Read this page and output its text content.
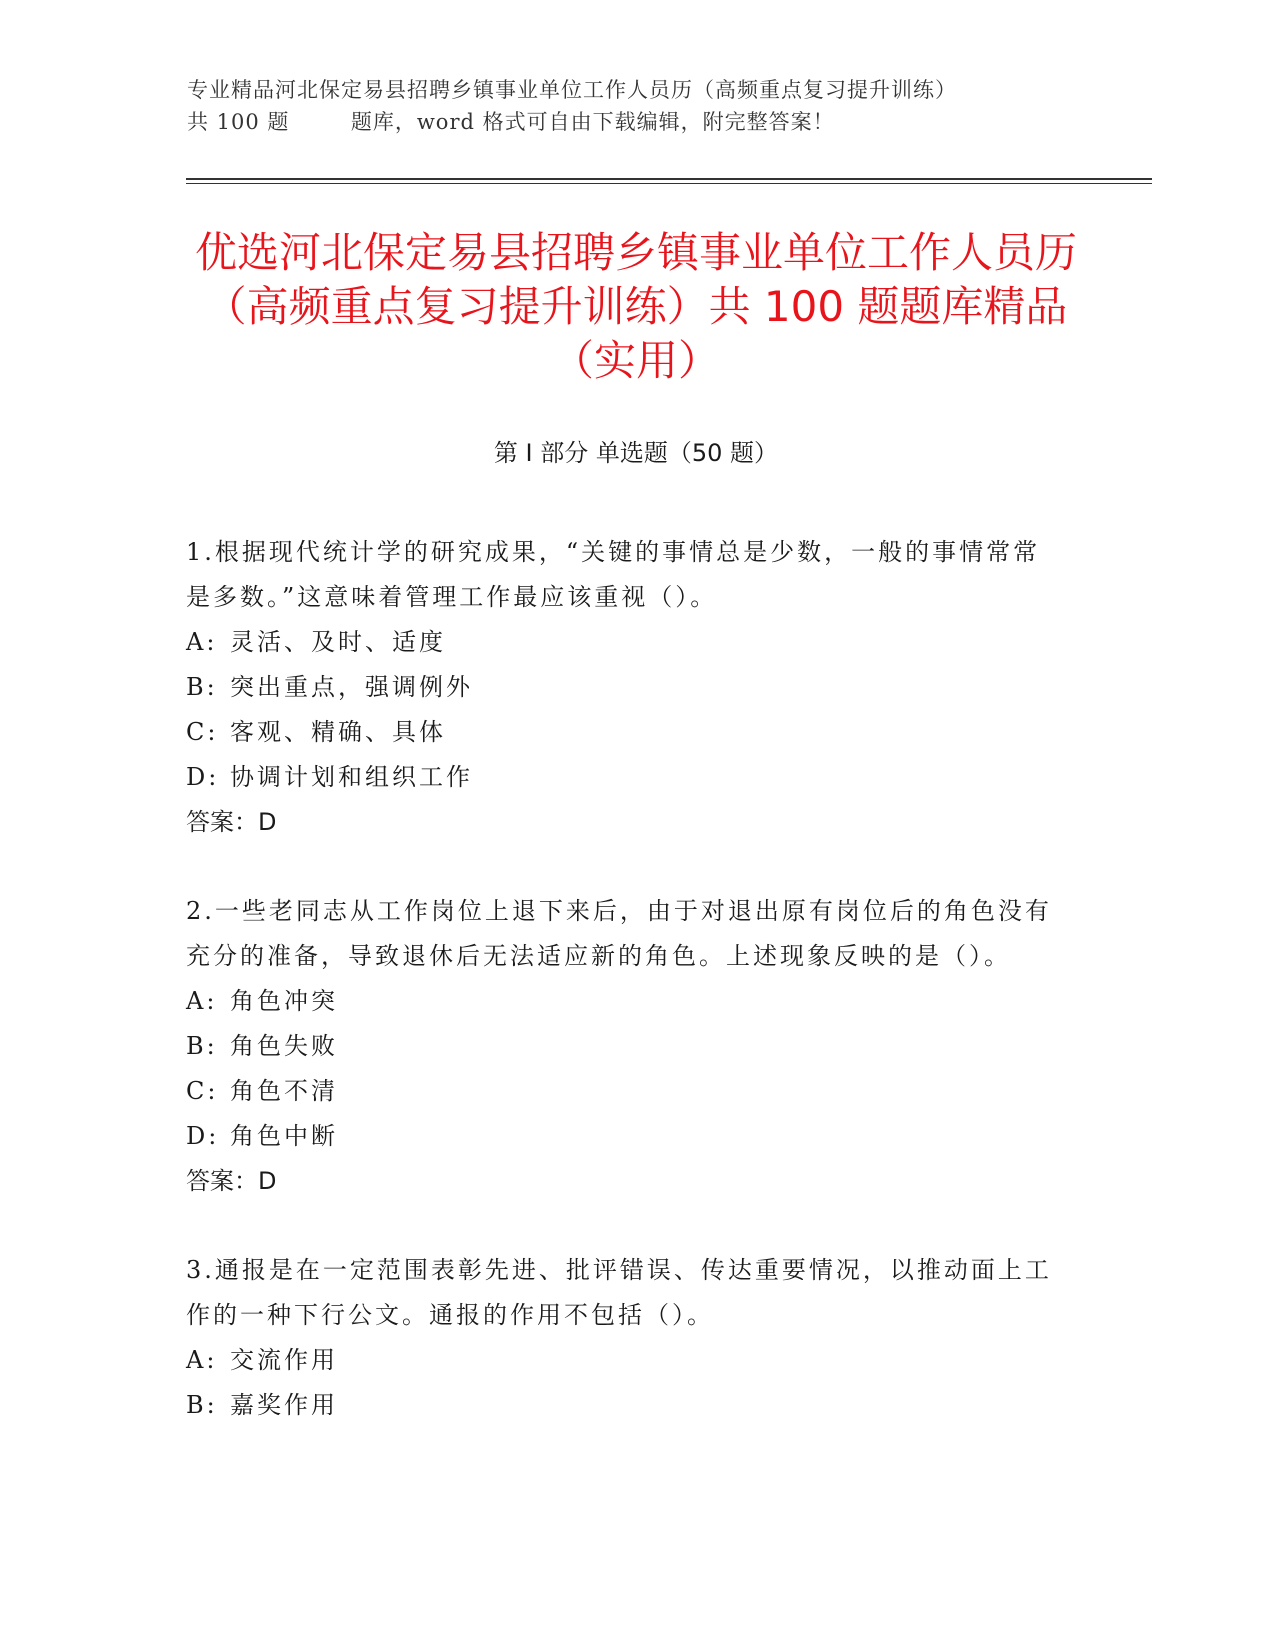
专业精品河北保定易县招聘乡镇事业单位工作人员历（高频重点复习提升训练）
共 100 题        题库，word 格式可自由下载编辑，附完整答案！
优选河北保定易县招聘乡镇事业单位工作人员历（高频重点复习提升训练）共 100 题题库精品（实用）
第 I 部分 单选题（50 题）

1.根据现代统计学的研究成果，“关键的事情总是少数，一般的事情常常是多数。”这意味着管理工作最应该重视（）。

A: 灵活、及时、适度

B: 突出重点，强调例外

C: 客观、精确、具体

D: 协调计划和组织工作

答案：D

2.一些老同志从工作岗位上退下来后，由于对退出原有岗位后的角色没有充分的准备，导致退休后无法适应新的角色。上述现象反映的是（）。

A: 角色冲突

B: 角色失败

C: 角色不清

D: 角色中断

答案：D

3.通报是在一定范围表彰先进、批评错误、传达重要情况，以推动面上工作的一种下行公文。通报的作用不包括（）。

A: 交流作用

B: 嘉奖作用
